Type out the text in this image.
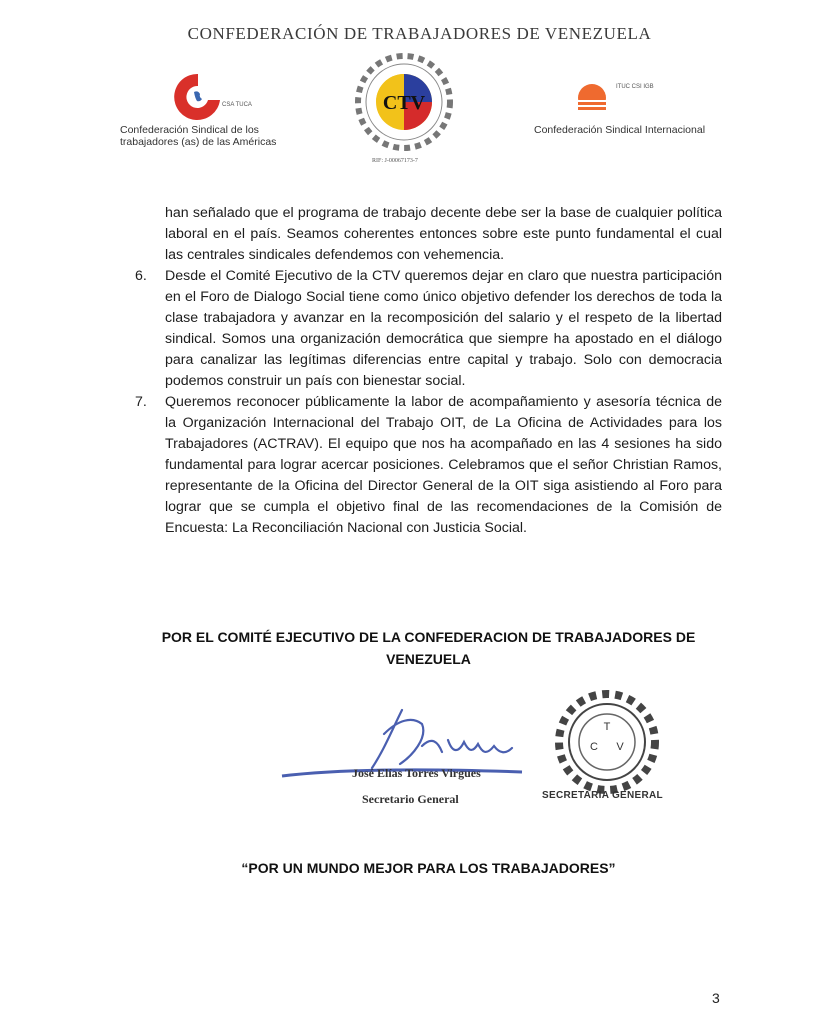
CONFEDERACIÓN DE TRABAJADORES DE VENEZUELA
CSA TUCA
Confederación Sindical de los trabajadores (as) de las Américas
CTV
RIF: J-00067173-7
ITUC CSI IGB
Confederación Sindical Internacional

han señalado que el programa de trabajo decente debe ser la base de cualquier política laboral en el país. Seamos coherentes entonces sobre este punto fundamental el cual las centrales sindicales defendemos con vehemencia.

6. Desde el Comité Ejecutivo de la CTV queremos dejar en claro que nuestra participación en el Foro de Dialogo Social tiene como único objetivo defender los derechos de toda la clase trabajadora y avanzar en la recomposición del salario y el respeto de la libertad sindical. Somos una organización democrática que siempre ha apostado en el diálogo para canalizar las legítimas diferencias entre capital y trabajo. Solo con democracia podemos construir un país con bienestar social.
7. Queremos reconocer públicamente la labor de acompañamiento y asesoría técnica de la Organización Internacional del Trabajo OIT, de La Oficina de Actividades para los Trabajadores (ACTRAV). El equipo que nos ha acompañado en las 4 sesiones ha sido fundamental para lograr acercar posiciones. Celebramos que el señor Christian Ramos, representante de la Oficina del Director General de la OIT siga asistiendo al Foro para lograr que se cumpla el objetivo final de las recomendaciones de la Comisión de Encuesta: La Reconciliación Nacional con Justicia Social.
POR EL COMITÉ EJECUTIVO DE LA CONFEDERACION DE TRABAJADORES DE VENEZUELA
José Elías Torres Virgues
Secretario General
T
C V
SECRETARIA GENERAL
“POR UN MUNDO MEJOR PARA LOS TRABAJADORES”
3
